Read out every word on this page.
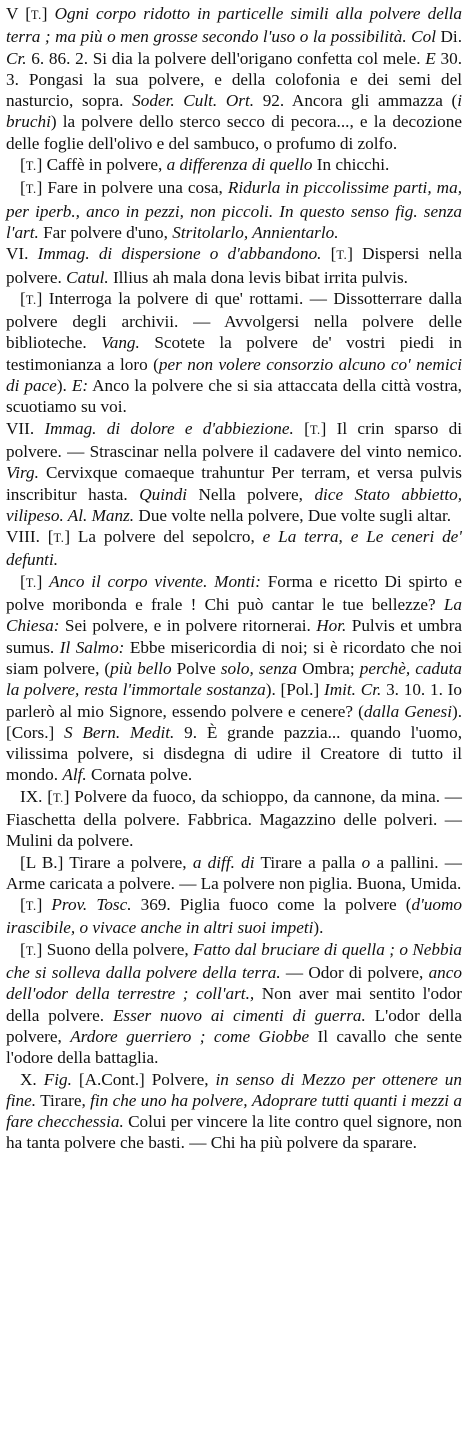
V [T.] Ogni corpo ridotto in particelle simili alla polvere della terra ; ma più o men grosse secondo l'uso o la possibilità. Col Di. Cr. 6. 86. 2. Si dia la polvere dell'origano confetta col mele. E 30. 3. Pongasi la sua polvere, e della colofonia e dei semi del nasturcio, sopra. Soder. Cult. Ort. 92. Ancora gli ammazza (i bruchi) la polvere dello sterco secco di pecora..., e la decozione delle foglie dell'olivo e del sambuco, o profumo di zolfo.

[T.] Caffè in polvere, a differenza di quello In chicchi.

[T.] Fare in polvere una cosa, Ridurla in piccolissime parti, ma, per iperb., anco in pezzi, non piccoli. In questo senso fig. senza l'art. Far polvere d'uno, Stritolarlo, Annientarlo.

VI. Immag. di dispersione o d'abbandono. [T.] Dispersi nella polvere. Catul. Illius ah mala dona levis bibat irrita pulvis.

[T.] Interroga la polvere di que' rottami. — Dissotterrare dalla polvere degli archivii. — Avvolgersi nella polvere delle biblioteche. Vang. Scotete la polvere de' vostri piedi in testimonianza a loro (per non volere consorzio alcuno co' nemici di pace). E: Anco la polvere che si sia attaccata della città vostra, scuotiamo su voi.

VII. Immag. di dolore e d'abbiezione. [T.] Il crin sparso di polvere. — Strascinar nella polvere il cadavere del vinto nemico. Virg. Cervixque comaeque trahuntur Per terram, et versa pulvis inscribitur hasta. Quindi Nella polvere, dice Stato abbietto, vilipeso. Al. Manz. Due volte nella polvere, Due volte sugli altar.

VIII. [T.] La polvere del sepolcro, e La terra, e Le ceneri de' defunti.

[T.] Anco il corpo vivente. Monti: Forma e ricetto Di spirto e polve moribonda e frale ! Chi può cantar le tue bellezze? La Chiesa: Sei polvere, e in polvere ritornerai. Hor. Pulvis et umbra sumus. Il Salmo: Ebbe misericordia di noi; si è ricordato che noi siam polvere, (più bello Polve solo, senza Ombra; perchè, caduta la polvere, resta l'immortale sostanza). [Pol.] Imit. Cr. 3. 10. 1. Io parlerò al mio Signore, essendo polvere e cenere? (dalla Genesi). [Cors.] S Bern. Medit. 9. È grande pazzia... quando l'uomo, vilissima polvere, si disdegna di udire il Creatore di tutto il mondo. Alf. Cornata polve.

IX. [T.] Polvere da fuoco, da schioppo, da cannone, da mina. — Fiaschetta della polvere. Fabbrica. Magazzino delle polveri. — Mulini da polvere.

[L B.] Tirare a polvere, a diff. di Tirare a palla o a pallini. — Arme caricata a polvere. — La polvere non piglia. Buona, Umida.

[T.] Prov. Tosc. 369. Piglia fuoco come la polvere (d'uomo irascibile, o vivace anche in altri suoi impeti).

[T.] Suono della polvere, Fatto dal bruciare di quella ; o Nebbia che si solleva dalla polvere della terra. — Odor di polvere, anco dell'odor della terrestre ; coll'art., Non aver mai sentito l'odor della polvere. Esser nuovo ai cimenti di guerra. L'odor della polvere, Ardore guerriero ; come Giobbe Il cavallo che sente l'odore della battaglia.

X. Fig. [A.Cont.] Polvere, in senso di Mezzo per ottenere un fine. Tirare, fin che uno ha polvere, Adoprare tutti quanti i mezzi a fare checchessia. Colui per vincere la lite contro quel signore, non ha tanta polvere che basti. — Chi ha più polvere da sparare.
